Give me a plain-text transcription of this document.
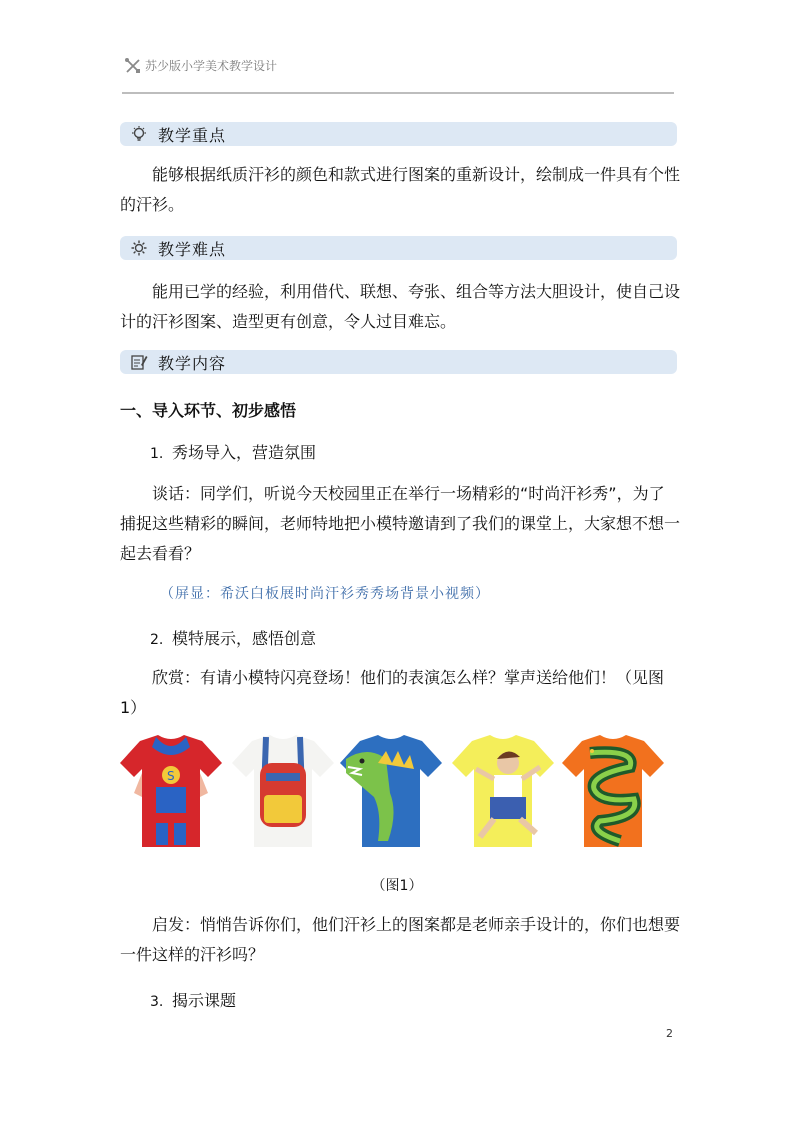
苏少版小学美术教学设计
教学重点
能够根据纸质汗衫的颜色和款式进行图案的重新设计，绘制成一件具有个性的汗衫。
教学难点
能用已学的经验，利用借代、联想、夸张、组合等方法大胆设计，使自己设计的汗衫图案、造型更有创意，令人过目难忘。
教学内容
一、导入环节、初步感悟
1. 秀场导入，营造氛围
谈话：同学们，听说今天校园里正在举行一场精彩的“时尚汗衫秀”，为了捕捉这些精彩的瞬间，老师特地把小模特邀请到了我们的课堂上，大家想不想一起去看看？
（屏显：希沃白板展时尚汗衫秀秀场背景小视频）
2. 模特展示，感悟创意
欣赏：有请小模特闪亮登场！他们的表演怎么样？掌声送给他们！（见图1）
S
（图1）
启发：悄悄告诉你们，他们汗衫上的图案都是老师亲手设计的，你们也想要一件这样的汗衫吗？
3. 揭示课题
2
